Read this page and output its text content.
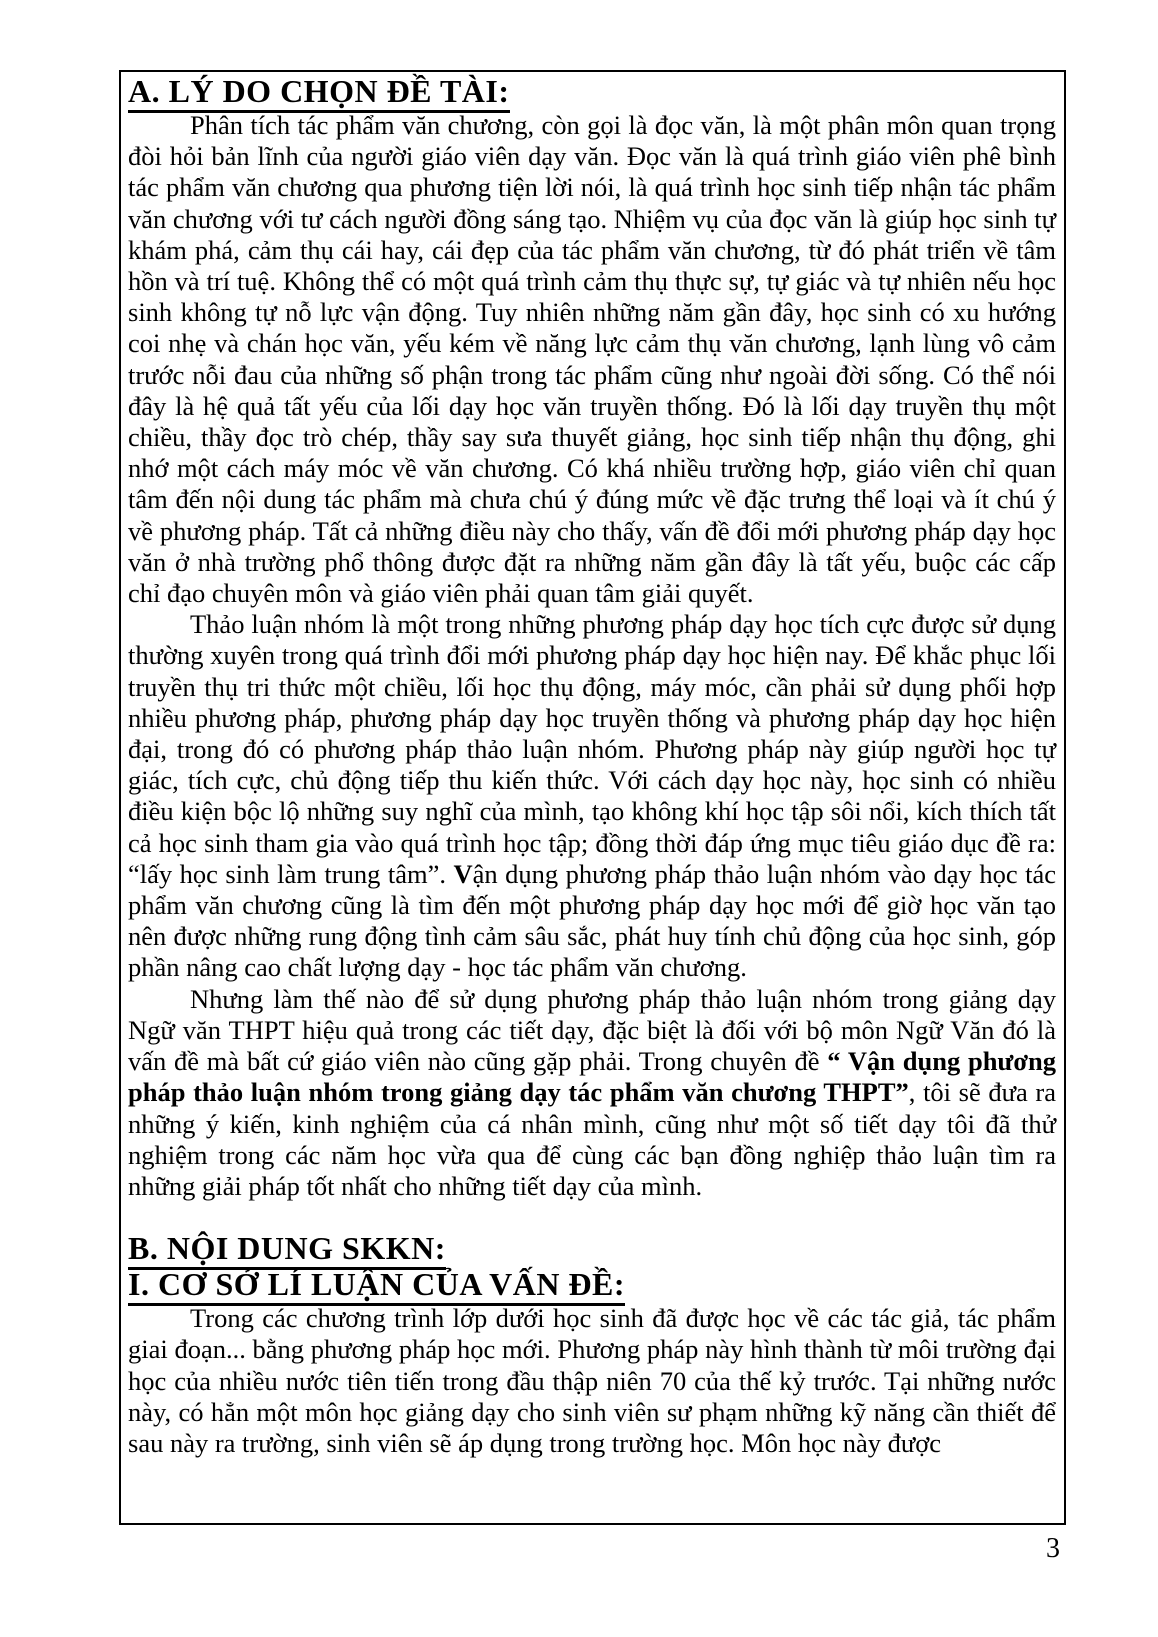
A. LÝ DO CHỌN ĐỀ TÀI:

Phân tích tác phẩm văn chương, còn gọi là đọc văn, là một phân môn quan trọng đòi hỏi bản lĩnh của người giáo viên dạy văn. Đọc văn là quá trình giáo viên phê bình tác phẩm văn chương qua phương tiện lời nói, là quá trình học sinh tiếp nhận tác phẩm văn chương với tư cách người đồng sáng tạo. Nhiệm vụ của đọc văn là giúp học sinh tự khám phá, cảm thụ cái hay, cái đẹp của tác phẩm văn chương, từ đó phát triển về tâm hồn và trí tuệ. Không thể có một quá trình cảm thụ thực sự, tự giác và tự nhiên nếu học sinh không tự nỗ lực vận động. Tuy nhiên những năm gần đây, học sinh có xu hướng coi nhẹ và chán học văn, yếu kém về năng lực cảm thụ văn chương, lạnh lùng vô cảm trước nỗi đau của những số phận trong tác phẩm cũng như ngoài đời sống. Có thể nói đây là hệ quả tất yếu của lối dạy học văn truyền thống. Đó là lối dạy truyền thụ một chiều, thầy đọc trò chép, thầy say sưa thuyết giảng, học sinh tiếp nhận thụ động, ghi nhớ một cách máy móc về văn chương. Có khá nhiều trường hợp, giáo viên chỉ quan tâm đến nội dung tác phẩm mà chưa chú ý đúng mức về đặc trưng thể loại và ít chú ý về phương pháp. Tất cả những điều này cho thấy, vấn đề đổi mới phương pháp dạy học văn ở nhà trường phổ thông được đặt ra những năm gần đây là tất yếu, buộc các cấp chỉ đạo chuyên môn và giáo viên phải quan tâm giải quyết.

Thảo luận nhóm là một trong những phương pháp dạy học tích cực được sử dụng thường xuyên trong quá trình đổi mới phương pháp dạy học hiện nay. Để khắc phục lối truyền thụ tri thức một chiều, lối học thụ động, máy móc, cần phải sử dụng phối hợp nhiều phương pháp, phương pháp dạy học truyền thống và phương pháp dạy học hiện đại, trong đó có phương pháp thảo luận nhóm. Phương pháp này giúp người học tự giác, tích cực, chủ động tiếp thu kiến thức. Với cách dạy học này, học sinh có nhiều điều kiện bộc lộ những suy nghĩ của mình, tạo không khí học tập sôi nổi, kích thích tất cả học sinh tham gia vào quá trình học tập; đồng thời đáp ứng mục tiêu giáo dục đề ra: “lấy học sinh làm trung tâm”. Vận dụng phương pháp thảo luận nhóm vào dạy học tác phẩm văn chương cũng là tìm đến một phương pháp dạy học mới để giờ học văn tạo nên được những rung động tình cảm sâu sắc, phát huy tính chủ động của học sinh, góp phần nâng cao chất lượng dạy - học tác phẩm văn chương.

Nhưng làm thế nào để sử dụng phương pháp thảo luận nhóm trong giảng dạy Ngữ văn THPT hiệu quả trong các tiết dạy, đặc biệt là đối với bộ môn Ngữ Văn đó là vấn đề mà bất cứ giáo viên nào cũng gặp phải. Trong chuyên đề “ Vận dụng phương pháp thảo luận nhóm trong giảng dạy tác phẩm văn chương THPT”, tôi sẽ đưa ra những ý kiến, kinh nghiệm của cá nhân mình, cũng như một số tiết dạy tôi đã thử nghiệm trong các năm học vừa qua để cùng các bạn đồng nghiệp thảo luận tìm ra những giải pháp tốt nhất cho những tiết dạy của mình.

B. NỘI DUNG SKKN:
I. CƠ SỞ LÍ LUẬN CỦA VẤN ĐỀ:

Trong các chương trình lớp dưới học sinh đã được học về các tác giả, tác phẩm giai đoạn... bằng phương pháp học mới. Phương pháp này hình thành từ môi trường đại học của nhiều nước tiên tiến trong đầu thập niên 70 của thế kỷ trước. Tại những nước này, có hẳn một môn học giảng dạy cho sinh viên sư phạm những kỹ năng cần thiết để sau này ra trường, sinh viên sẽ áp dụng trong trường học. Môn học này được

3
